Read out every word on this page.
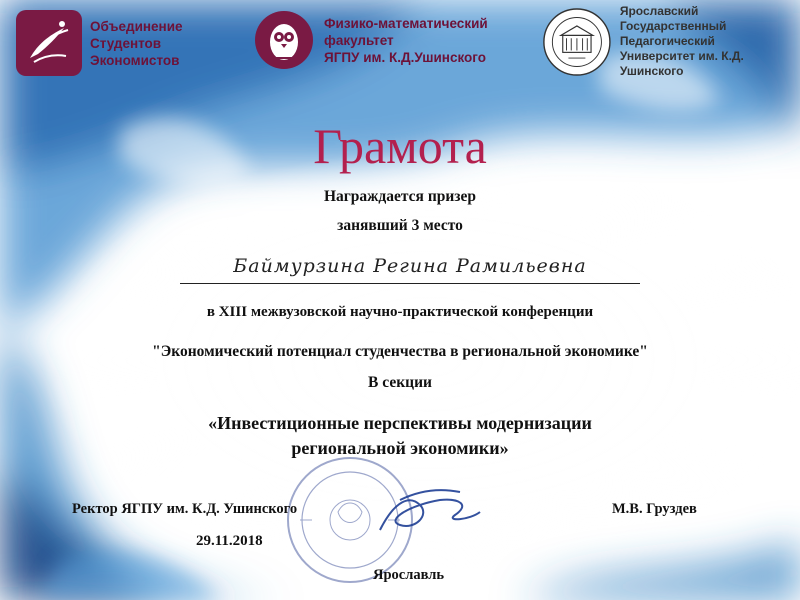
Объединение
Студентов
Экономистов
Физико-математический
факультет
ЯГПУ им. К.Д.Ушинского
Ярославский
Государственный
Педагогический
Университет им. К.Д. Ушинского
Грамота
Награждается призер
занявший 3 место
Баймурзина Регина Рамильевна
в XIII межвузовской научно-практической конференции
"Экономический потенциал студенчества в региональной экономике"
В секции
«Инвестиционные перспективы модернизации
региональной экономики»
Ректор ЯГПУ им. К.Д. Ушинского	М.В. Груздев
29.11.2018
Ярославль
